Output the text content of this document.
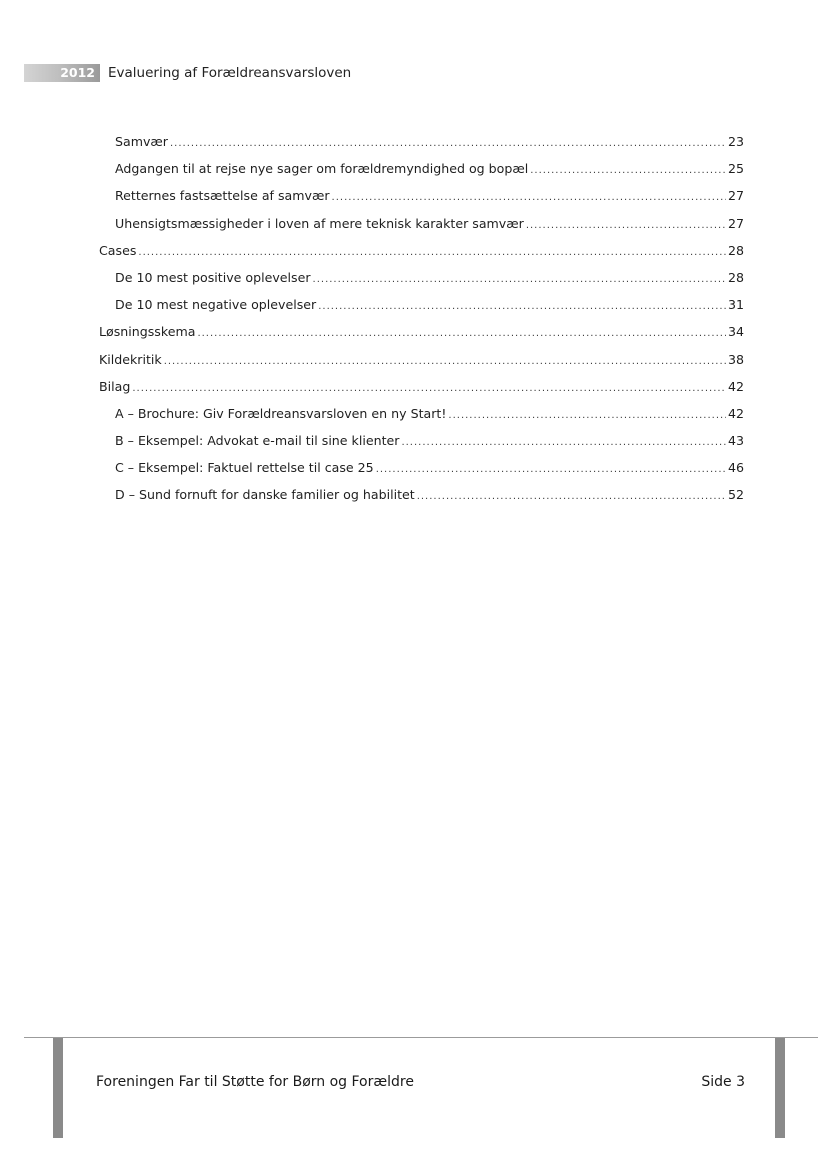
2012 Evaluering af Forældreansvarsloven
Samvær .....	23
Adgangen til at rejse nye sager om forældremyndighed og bopæl .....	25
Retternes fastsættelse af samvær .....	27
Uhensigtsmæssigheder i loven af mere teknisk karakter samvær .....	27
Cases .....	28
De 10 mest positive oplevelser .....	28
De 10 mest negative oplevelser .....	31
Løsningsskema .....	34
Kildekritik .....	38
Bilag .....	42
A – Brochure: Giv Forældreansvarsloven en ny Start! .....	42
B – Eksempel: Advokat e-mail til sine klienter .....	43
C – Eksempel: Faktuel rettelse til case 25 .....	46
D – Sund fornuft for danske familier og habilitet .....	52
Foreningen Far til Støtte for Børn og Forældre	Side 3
